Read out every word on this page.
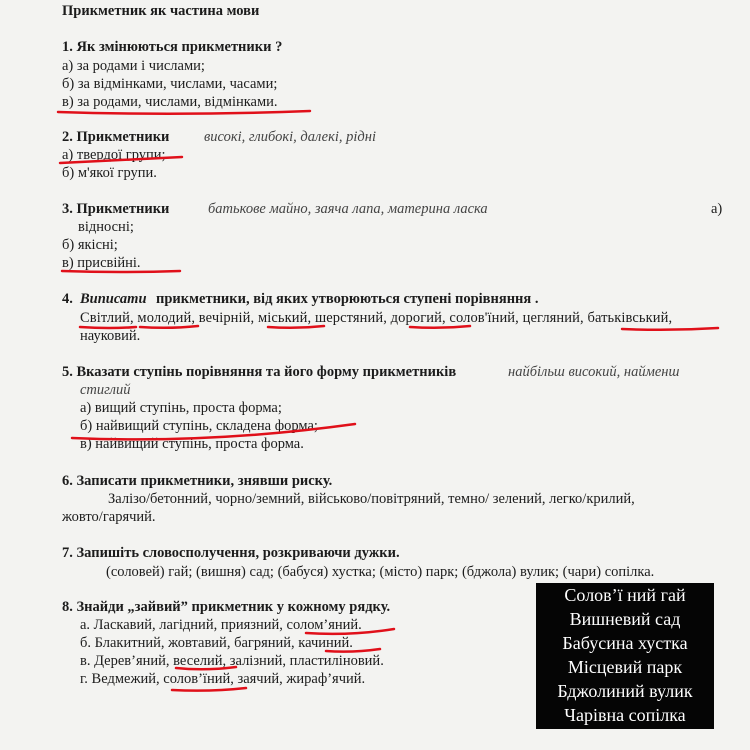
Прикметник як частина мови
1. Як змінюються прикметники ?
а) за родами і числами;
б) за відмінками, числами, часами;
в) за родами, числами, відмінками.
2. Прикметники високі, глибокі, далекі, рідні
а) твердої групи;
б) м'якої групи.
3. Прикметники	батькове майно, заяча лапа, материна ласка	а)
відносні;
б) якісні;
в) присвійні.
4. Виписати прикметники, від яких утворюються ступені порівняння .
Світлий, молодий, вечірній, міський, шерстяний, дорогий, солов'їний, цегляний, батьківський,
науковий.
5. Вказати ступінь порівняння та його форму прикметників	найбільш високий, найменш
стиглий
а) вищий ступінь, проста форма;
б) найвищий ступінь, складена форма;
в) найвищий ступінь, проста форма.
6. Записати прикметники, знявши риску.
Залізо/бетонний, чорно/земний, військово/повітряний, темно/ зелений, легко/крилий,
жовто/гарячий.
7. Запишіть словосполучення, розкриваючи дужки.
(соловей) гай; (вишня) сад; (бабуся) хустка; (місто) парк; (бджола) вулик; (чари) сопілка.
8. Знайди „зайвий” прикметник у кожному рядку.
а. Ласкавий, лагідний, приязний, солом’яний.
б. Блакитний, жовтавий, багряний, качиний.
в. Дерев’яний, веселий, залізний, пластиліновий.
г. Ведмежий, солов’їний, заячий, жираф’ячий.
Солов’ї ний гай
Вишневий сад
Бабусина хустка
Місцевий парк
Бджолиний вулик
Чарівна сопілка
